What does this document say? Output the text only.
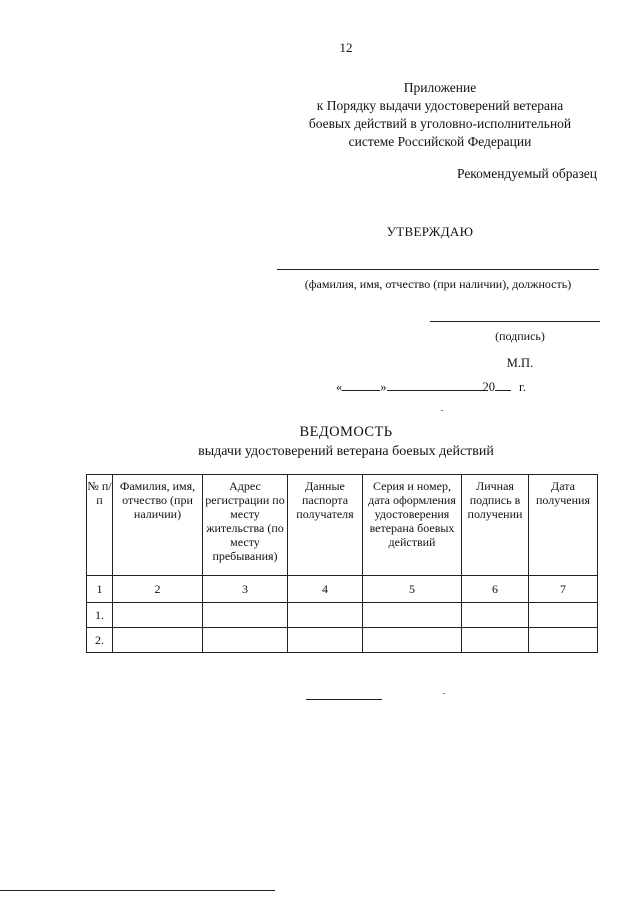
12
Приложение
к Порядку выдачи удостоверений ветерана
боевых действий в уголовно-исполнительной
системе Российской Федерации
Рекомендуемый образец
УТВЕРЖДАЮ
(фамилия, имя, отчество (при наличии), должность)
(подпись)
М.П.
«	»	20 г.
ВЕДОМОСТЬ
выдачи удостоверений ветерана боевых действий
№ п/п	Фамилия, имя, отчество (при наличии)	Адрес регистрации по месту жительства (по месту пребывания)	Данные паспорта получателя	Серия и номер, дата оформления удостоверения ветерана боевых действий	Личная подпись в получении	Дата получения
1	2	3	4	5	6	7
1.						
2.						
